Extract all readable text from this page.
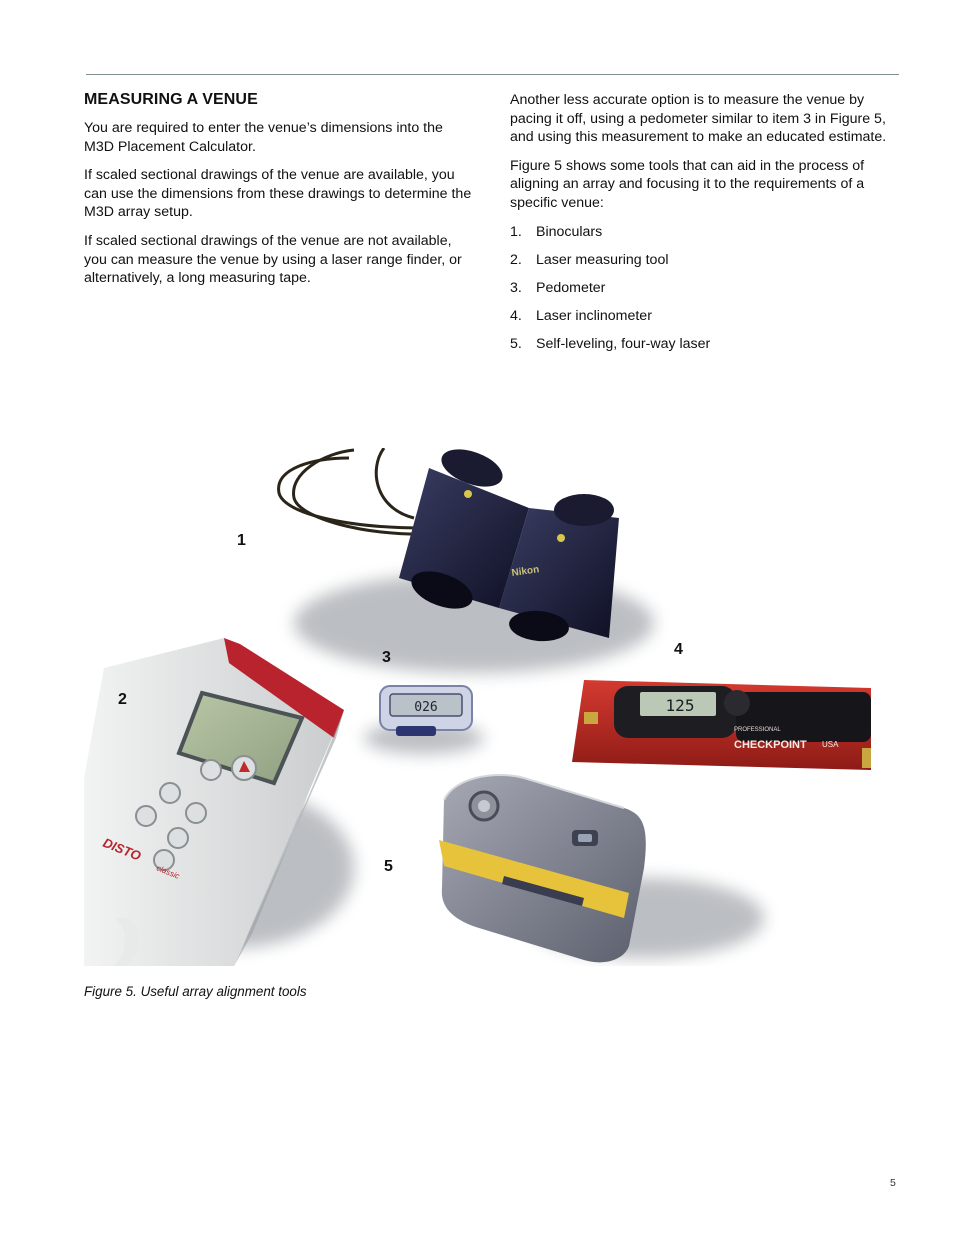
MEASURING A VENUE

You are required to enter the venue’s dimensions into the M3D Placement Calculator.

If scaled sectional drawings of the venue are available, you can use the dimensions from these drawings to determine the M3D array setup.

If scaled sectional drawings of the venue are not available, you can measure the venue by using a laser range finder, or alternatively, a long measuring tape.

Another less accurate option is to measure the venue by pacing it off, using a pedometer similar to item 3 in Figure 5, and using this measurement to make an educated estimate.

Figure 5 shows some tools that can aid in the process of aligning an array and focusing it to the requirements of a specific venue:

1. Binoculars
2. Laser measuring tool
3. Pedometer
4. Laser inclinometer
5. Self-leveling, four-way laser
Nikon
DISTO
classic
026	125
PROFESSIONAL
CHECKPOINT USA
1
2
3	4
5
Figure 5. Useful array alignment tools
5
